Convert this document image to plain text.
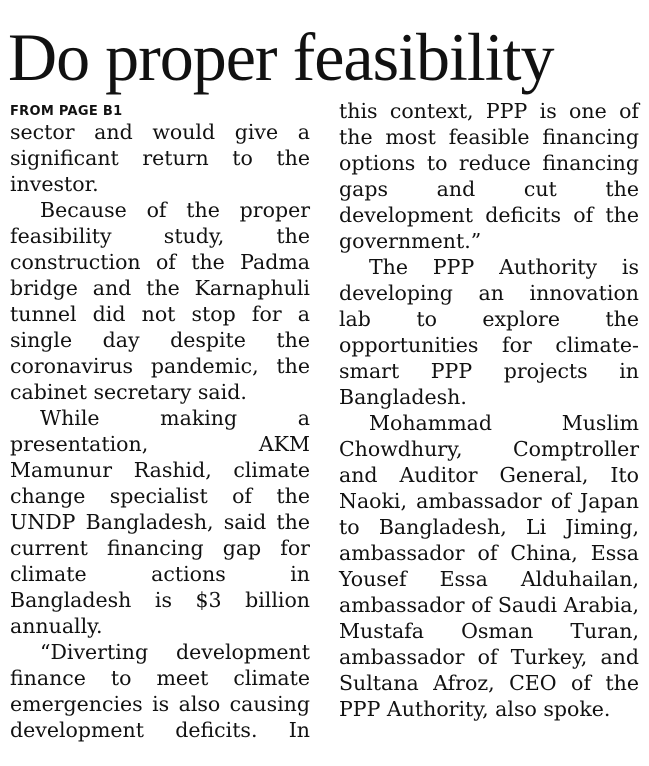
Do proper feasibility
FROM PAGE B1

sector and would give a significant return to the investor.

Because of the proper feasibility study, the construction of the Padma bridge and the Karnaphuli tunnel did not stop for a single day despite the coronavirus pandemic, the cabinet secretary said.

While making a presentation, AKM Mamunur Rashid, climate change specialist of the UNDP Bangladesh, said the current financing gap for climate actions in Bangladesh is $3 billion annually.

“Diverting development finance to meet climate emergencies is also causing development deficits. In

this context, PPP is one of the most feasible financing options to reduce financing gaps and cut the development deficits of the government.”

The PPP Authority is developing an innovation lab to explore the opportunities for climate-smart PPP projects in Bangladesh.

Mohammad Muslim Chowdhury, Comptroller and Auditor General, Ito Naoki, ambassador of Japan to Bangladesh, Li Jiming, ambassador of China, Essa Yousef Essa Alduhailan, ambassador of Saudi Arabia, Mustafa Osman Turan, ambassador of Turkey, and Sultana Afroz, CEO of the PPP Authority, also spoke.
